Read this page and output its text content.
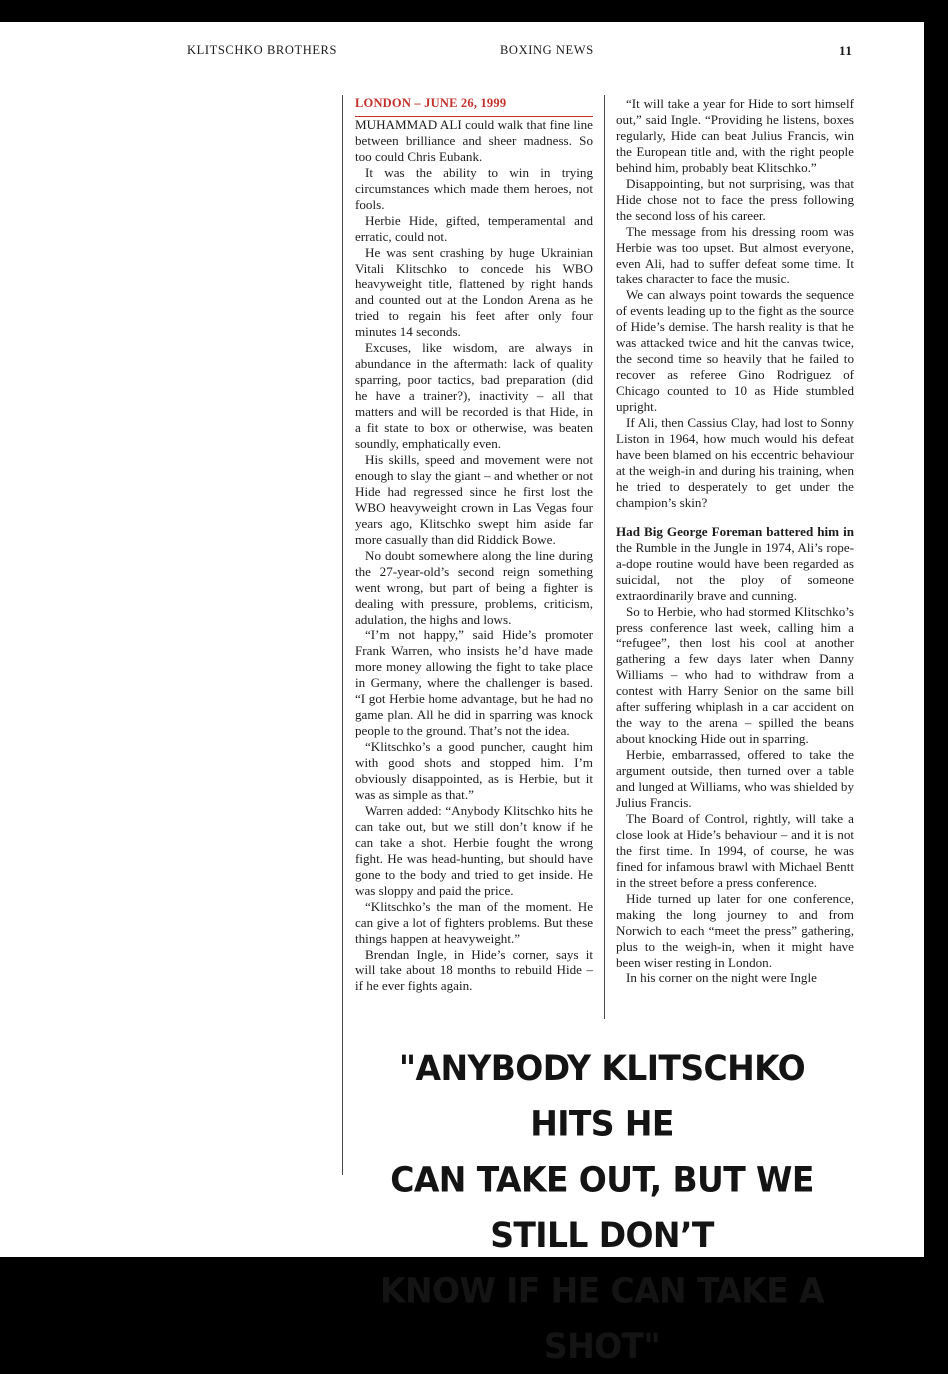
KLITSCHKO BROTHERS	BOXING NEWS	11

LONDON – JUNE 26, 1999

MUHAMMAD ALI could walk that fine line between brilliance and sheer madness. So too could Chris Eubank.

It was the ability to win in trying circumstances which made them heroes, not fools.

Herbie Hide, gifted, temperamental and erratic, could not.

He was sent crashing by huge Ukrainian Vitali Klitschko to concede his WBO heavyweight title, flattened by right hands and counted out at the London Arena as he tried to regain his feet after only four minutes 14 seconds.

Excuses, like wisdom, are always in abundance in the aftermath: lack of quality sparring, poor tactics, bad preparation (did he have a trainer?), inactivity – all that matters and will be recorded is that Hide, in a fit state to box or otherwise, was beaten soundly, emphatically even.

His skills, speed and movement were not enough to slay the giant – and whether or not Hide had regressed since he first lost the WBO heavyweight crown in Las Vegas four years ago, Klitschko swept him aside far more casually than did Riddick Bowe.

No doubt somewhere along the line during the 27-year-old’s second reign something went wrong, but part of being a fighter is dealing with pressure, problems, criticism, adulation, the highs and lows.

“I’m not happy,” said Hide’s promoter Frank Warren, who insists he’d have made more money allowing the fight to take place in Germany, where the challenger is based. “I got Herbie home advantage, but he had no game plan. All he did in sparring was knock people to the ground. That’s not the idea.

“Klitschko’s a good puncher, caught him with good shots and stopped him. I’m obviously disappointed, as is Herbie, but it was as simple as that.”

Warren added: “Anybody Klitschko hits he can take out, but we still don’t know if he can take a shot. Herbie fought the wrong fight. He was head-hunting, but should have gone to the body and tried to get inside. He was sloppy and paid the price.

“Klitschko’s the man of the moment. He can give a lot of fighters problems. But these things happen at heavyweight.”

Brendan Ingle, in Hide’s corner, says it will take about 18 months to rebuild Hide – if he ever fights again.

“It will take a year for Hide to sort himself out,” said Ingle. “Providing he listens, boxes regularly, Hide can beat Julius Francis, win the European title and, with the right people behind him, probably beat Klitschko.”

Disappointing, but not surprising, was that Hide chose not to face the press following the second loss of his career.

The message from his dressing room was Herbie was too upset. But almost everyone, even Ali, had to suffer defeat some time. It takes character to face the music.

We can always point towards the sequence of events leading up to the fight as the source of Hide’s demise. The harsh reality is that he was attacked twice and hit the canvas twice, the second time so heavily that he failed to recover as referee Gino Rodriguez of Chicago counted to 10 as Hide stumbled upright.

If Ali, then Cassius Clay, had lost to Sonny Liston in 1964, how much would his defeat have been blamed on his eccentric behaviour at the weigh-in and during his training, when he tried to desperately to get under the champion’s skin?

Had Big George Foreman battered him in the Rumble in the Jungle in 1974, Ali’s rope-a-dope routine would have been regarded as suicidal, not the ploy of someone extraordinarily brave and cunning.

So to Herbie, who had stormed Klitschko’s press conference last week, calling him a “refugee”, then lost his cool at another gathering a few days later when Danny Williams – who had to withdraw from a contest with Harry Senior on the same bill after suffering whiplash in a car accident on the way to the arena – spilled the beans about knocking Hide out in sparring.

Herbie, embarrassed, offered to take the argument outside, then turned over a table and lunged at Williams, who was shielded by Julius Francis.

The Board of Control, rightly, will take a close look at Hide’s behaviour – and it is not the first time. In 1994, of course, he was fined for infamous brawl with Michael Bentt in the street before a press conference.

Hide turned up later for one conference, making the long journey to and from Norwich to each “meet the press” gathering, plus to the weigh-in, when it might have been wiser resting in London.

In his corner on the night were Ingle

"ANYBODY KLITSCHKO HITS HE
CAN TAKE OUT, BUT WE STILL DON’T
KNOW IF HE CAN TAKE A SHOT"
